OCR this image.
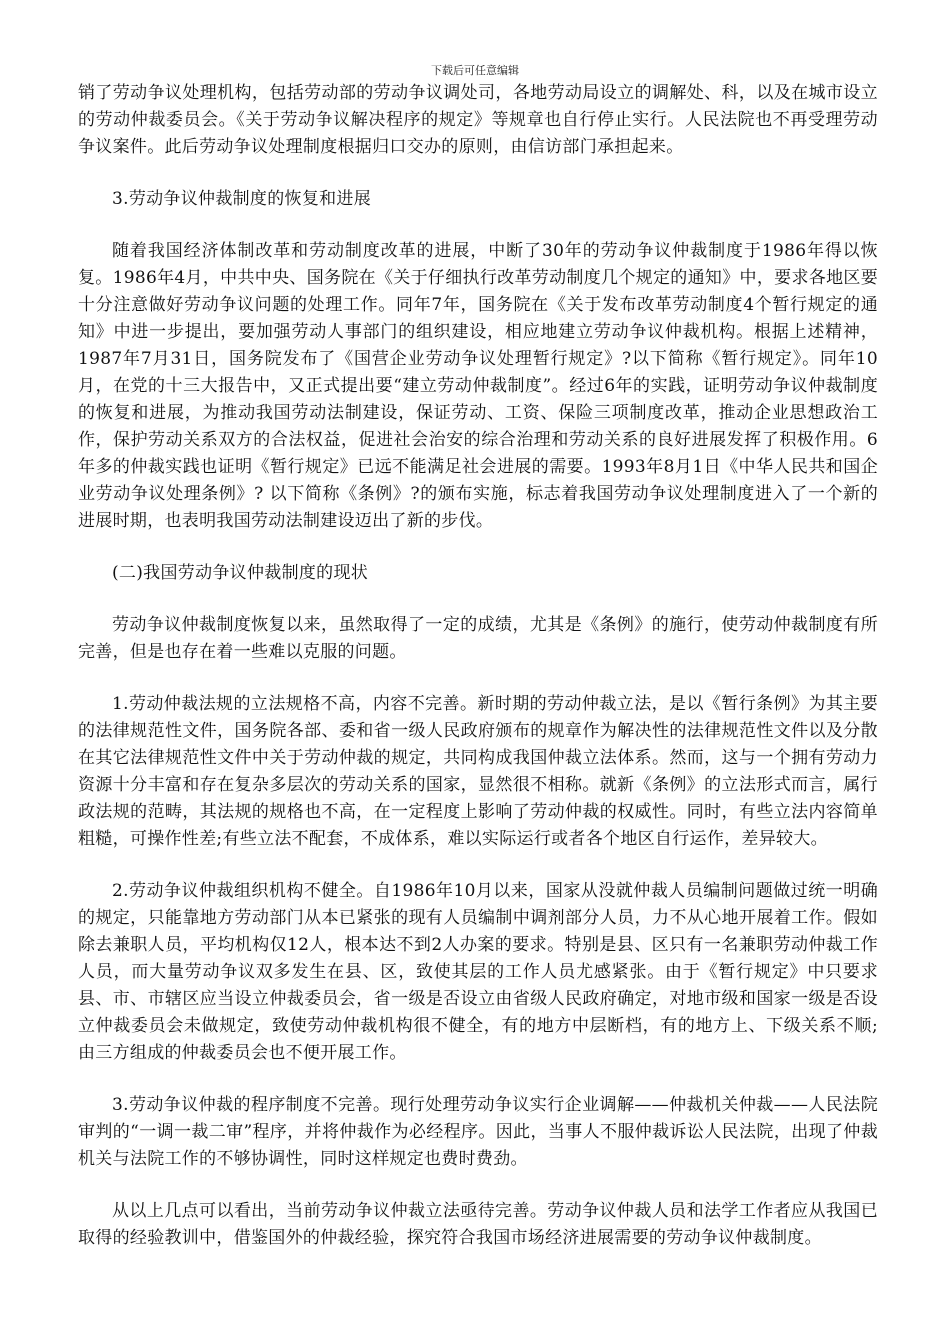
下载后可任意编辑

销了劳动争议处理机构，包括劳动部的劳动争议调处司，各地劳动局设立的调解处、科，以及在城市设立的劳动仲裁委员会。《关于劳动争议解决程序的规定》等规章也自行停止实行。人民法院也不再受理劳动争议案件。此后劳动争议处理制度根据归口交办的原则，由信访部门承担起来。

3.劳动争议仲裁制度的恢复和进展

随着我国经济体制改革和劳动制度改革的进展，中断了30年的劳动争议仲裁制度于1986年得以恢复。1986年4月，中共中央、国务院在《关于仔细执行改革劳动制度几个规定的通知》中，要求各地区要十分注意做好劳动争议问题的处理工作。同年7年，国务院在《关于发布改革劳动制度4个暂行规定的通知》中进一步提出，要加强劳动人事部门的组织建设，相应地建立劳动争议仲裁机构。根据上述精神，1987年7月31日，国务院发布了《国营企业劳动争议处理暂行规定》?以下简称《暂行规定》。同年10月，在党的十三大报告中，又正式提出要“建立劳动仲裁制度”。经过6年的实践，证明劳动争议仲裁制度的恢复和进展，为推动我国劳动法制建设，保证劳动、工资、保险三项制度改革，推动企业思想政治工作，保护劳动关系双方的合法权益，促进社会治安的综合治理和劳动关系的良好进展发挥了积极作用。6年多的仲裁实践也证明《暂行规定》已远不能满足社会进展的需要。1993年8月1日《中华人民共和国企业劳动争议处理条例》? 以下简称《条例》?的颁布实施，标志着我国劳动争议处理制度进入了一个新的进展时期，也表明我国劳动法制建设迈出了新的步伐。

(二)我国劳动争议仲裁制度的现状

劳动争议仲裁制度恢复以来，虽然取得了一定的成绩，尤其是《条例》的施行，使劳动仲裁制度有所完善，但是也存在着一些难以克服的问题。

1.劳动仲裁法规的立法规格不高，内容不完善。新时期的劳动仲裁立法，是以《暂行条例》为其主要的法律规范性文件，国务院各部、委和省一级人民政府颁布的规章作为解决性的法律规范性文件以及分散在其它法律规范性文件中关于劳动仲裁的规定，共同构成我国仲裁立法体系。然而，这与一个拥有劳动力资源十分丰富和存在复杂多层次的劳动关系的国家，显然很不相称。就新《条例》的立法形式而言，属行政法规的范畴，其法规的规格也不高，在一定程度上影响了劳动仲裁的权威性。同时，有些立法内容简单粗糙，可操作性差;有些立法不配套，不成体系，难以实际运行或者各个地区自行运作，差异较大。

2.劳动争议仲裁组织机构不健全。自1986年10月以来，国家从没就仲裁人员编制问题做过统一明确的规定，只能靠地方劳动部门从本已紧张的现有人员编制中调剂部分人员，力不从心地开展着工作。假如除去兼职人员，平均机构仅12人，根本达不到2人办案的要求。特别是县、区只有一名兼职劳动仲裁工作人员，而大量劳动争议双多发生在县、区，致使其层的工作人员尤感紧张。由于《暂行规定》中只要求县、市、市辖区应当设立仲裁委员会，省一级是否设立由省级人民政府确定，对地市级和国家一级是否设立仲裁委员会未做规定，致使劳动仲裁机构很不健全，有的地方中层断档，有的地方上、下级关系不顺;由三方组成的仲裁委员会也不便开展工作。

3.劳动争议仲裁的程序制度不完善。现行处理劳动争议实行企业调解——仲裁机关仲裁——人民法院审判的“一调一裁二审”程序，并将仲裁作为必经程序。因此，当事人不服仲裁诉讼人民法院，出现了仲裁机关与法院工作的不够协调性，同时这样规定也费时费劲。

从以上几点可以看出，当前劳动争议仲裁立法亟待完善。劳动争议仲裁人员和法学工作者应从我国已取得的经验教训中，借鉴国外的仲裁经验，探究符合我国市场经济进展需要的劳动争议仲裁制度。
